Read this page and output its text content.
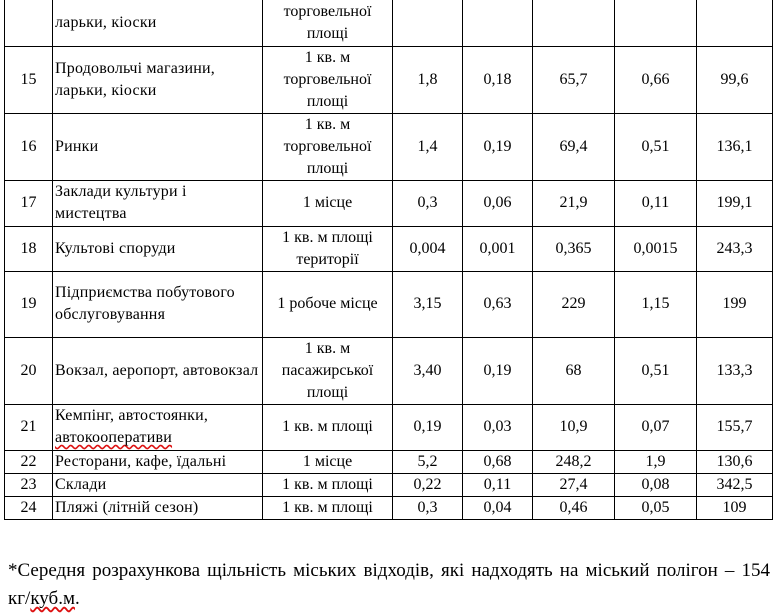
	ларьки, кіоски	торговельної площі					
15	Продовольчі магазини, ларьки, кіоски	1 кв. м торговельної площі	1,8	0,18	65,7	0,66	99,6
16	Ринки	1 кв. м торговельної площі	1,4	0,19	69,4	0,51	136,1
17	Заклади культури і мистецтва	1 місце	0,3	0,06	21,9	0,11	199,1
18	Культові споруди	1 кв. м площі території	0,004	0,001	0,365	0,0015	243,3
19	Підприємства побутового обслуговування	1 робоче місце	3,15	0,63	229	1,15	199
20	Вокзал, аеропорт, автовокзал	1 кв. м пасажирської площі	3,40	0,19	68	0,51	133,3
21	Кемпінг, автостоянки, автокооперативи	1 кв. м площі	0,19	0,03	10,9	0,07	155,7
22	Ресторани, кафе, їдальні	1 місце	5,2	0,68	248,2	1,9	130,6
23	Склади	1 кв. м площі	0,22	0,11	27,4	0,08	342,5
24	Пляжі (літній сезон)	1 кв. м площі	0,3	0,04	0,46	0,05	109

*Середня розрахункова щільність міських відходів, які надходять на міський полігон – 154 кг/куб.м.
